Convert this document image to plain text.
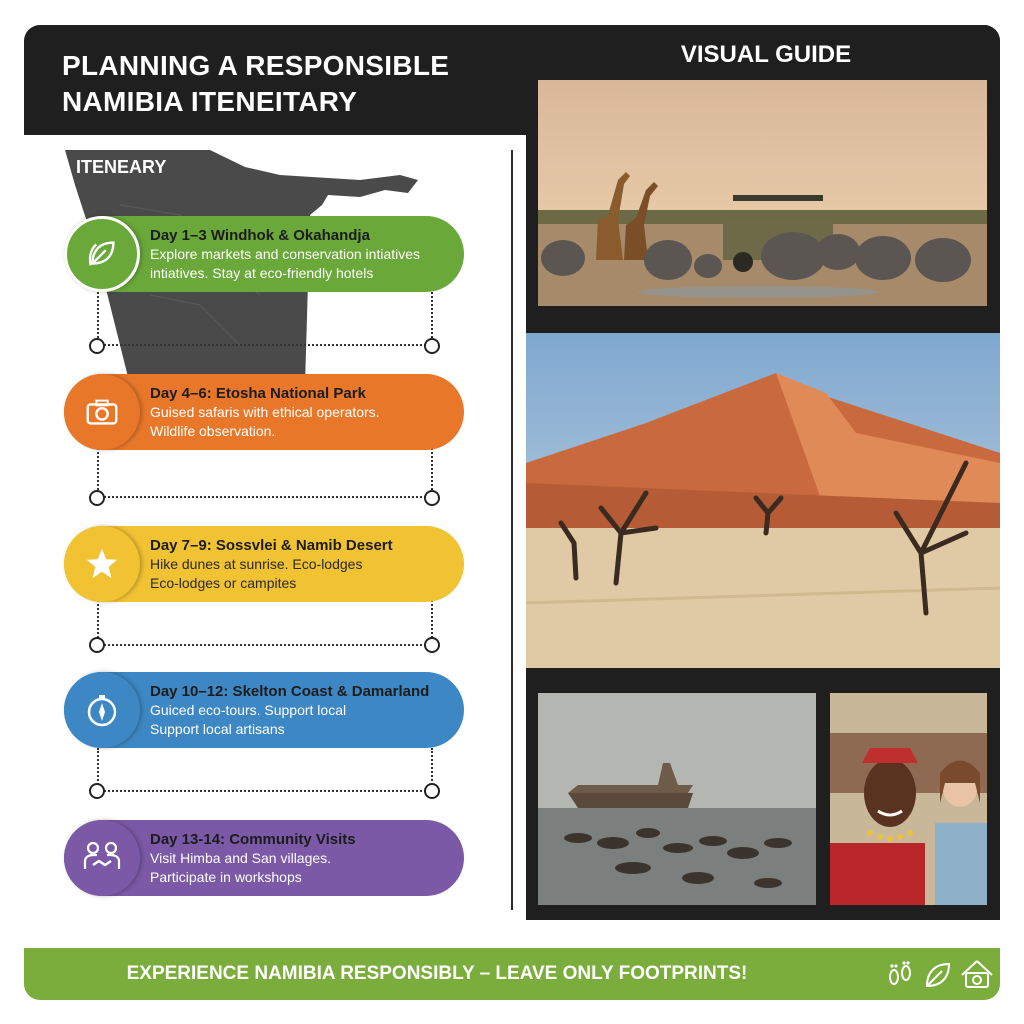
PLANNING A RESPONSIBLE
NAMIBIA ITENEITARY
VISUAL GUIDE
ITENEARY
Day 1–3 Windhok & Okahandja
Explore markets and conservation intiatives
intiatives. Stay at eco-friendly hotels
Day 4–6: Etosha National Park
Guised safaris with ethical operators.
Wildlife observation.
Day 7–9: Sossvlei & Namib Desert
Hike dunes at sunrise. Eco-lodges
Eco-lodges or campites
Day 10–12: Skelton Coast & Damarland
Guiced eco-tours. Support local
Support local artisans
Day 13-14: Community Visits
Visit Himba and San villages.
Participate in workshops
EXPERIENCE NAMIBIA RESPONSIBLY – LEAVE ONLY FOOTPRINTS!
